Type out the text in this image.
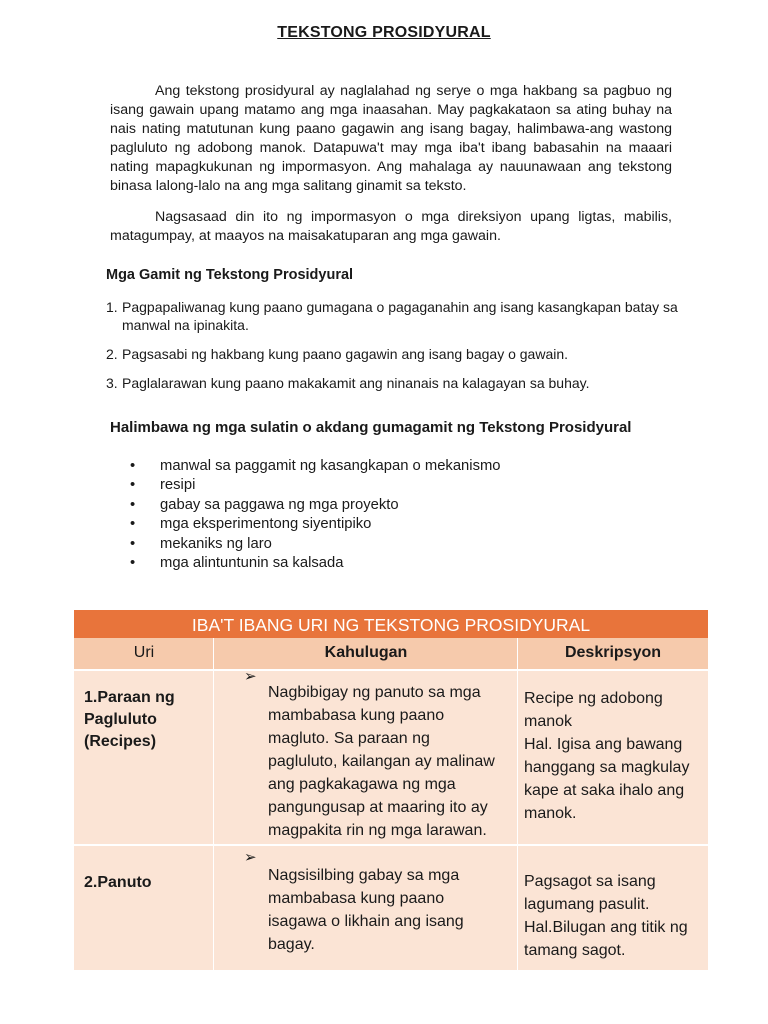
TEKSTONG PROSIDYURAL

Ang tekstong prosidyural ay naglalahad ng serye o mga hakbang sa pagbuo ng isang gawain upang matamo ang mga inaasahan. May pagkakataon sa ating buhay na nais nating matutunan kung paano gagawin ang isang bagay, halimbawa-ang wastong pagluluto ng adobong manok. Datapuwa't may mga iba't ibang babasahin na maaari nating mapagkukunan ng impormasyon. Ang mahalaga ay nauunawaan ang tekstong binasa lalong-lalo na ang mga salitang ginamit sa teksto.

Nagsasaad din ito ng impormasyon o mga direksiyon upang ligtas, mabilis, matagumpay, at maayos na maisakatuparan ang mga gawain.

Mga Gamit ng Tekstong Prosidyural
1. Pagpapaliwanag kung paano gumagana o pagaganahin ang isang kasangkapan batay sa manwal na ipinakita.
2. Pagsasabi ng hakbang kung paano gagawin ang isang bagay o gawain.
3. Paglalarawan kung paano makakamit ang ninanais na kalagayan sa buhay.
Halimbawa ng mga sulatin o akdang gumagamit ng Tekstong Prosidyural
• manwal sa paggamit ng kasangkapan o mekanismo
• resipi
• gabay sa paggawa ng mga proyekto
• mga eksperimentong siyentipiko
• mekaniks ng laro
• mga alintuntunin sa kalsada
IBA'T IBANG URI NG TEKSTONG PROSIDYURAL
Uri	Kahulugan	Deskripsyon
1.Paraan ng
Pagluluto
(Recipes)
➢
Nagbibigay ng panuto sa mga
mambabasa kung paano
magluto. Sa paraan ng
pagluluto, kailangan ay malinaw
ang pagkakagawa ng mga
pangungusap at maaring ito ay
magpakita rin ng mga larawan.
Recipe ng adobong
manok
Hal. Igisa ang bawang
hanggang sa magkulay
kape at saka ihalo ang
manok.
2.Panuto
➢
Nagsisilbing gabay sa mga
mambabasa kung paano
isagawa o likhain ang isang
bagay.
Pagsagot sa isang
lagumang pasulit.
Hal.Bilugan ang titik ng
tamang sagot.
